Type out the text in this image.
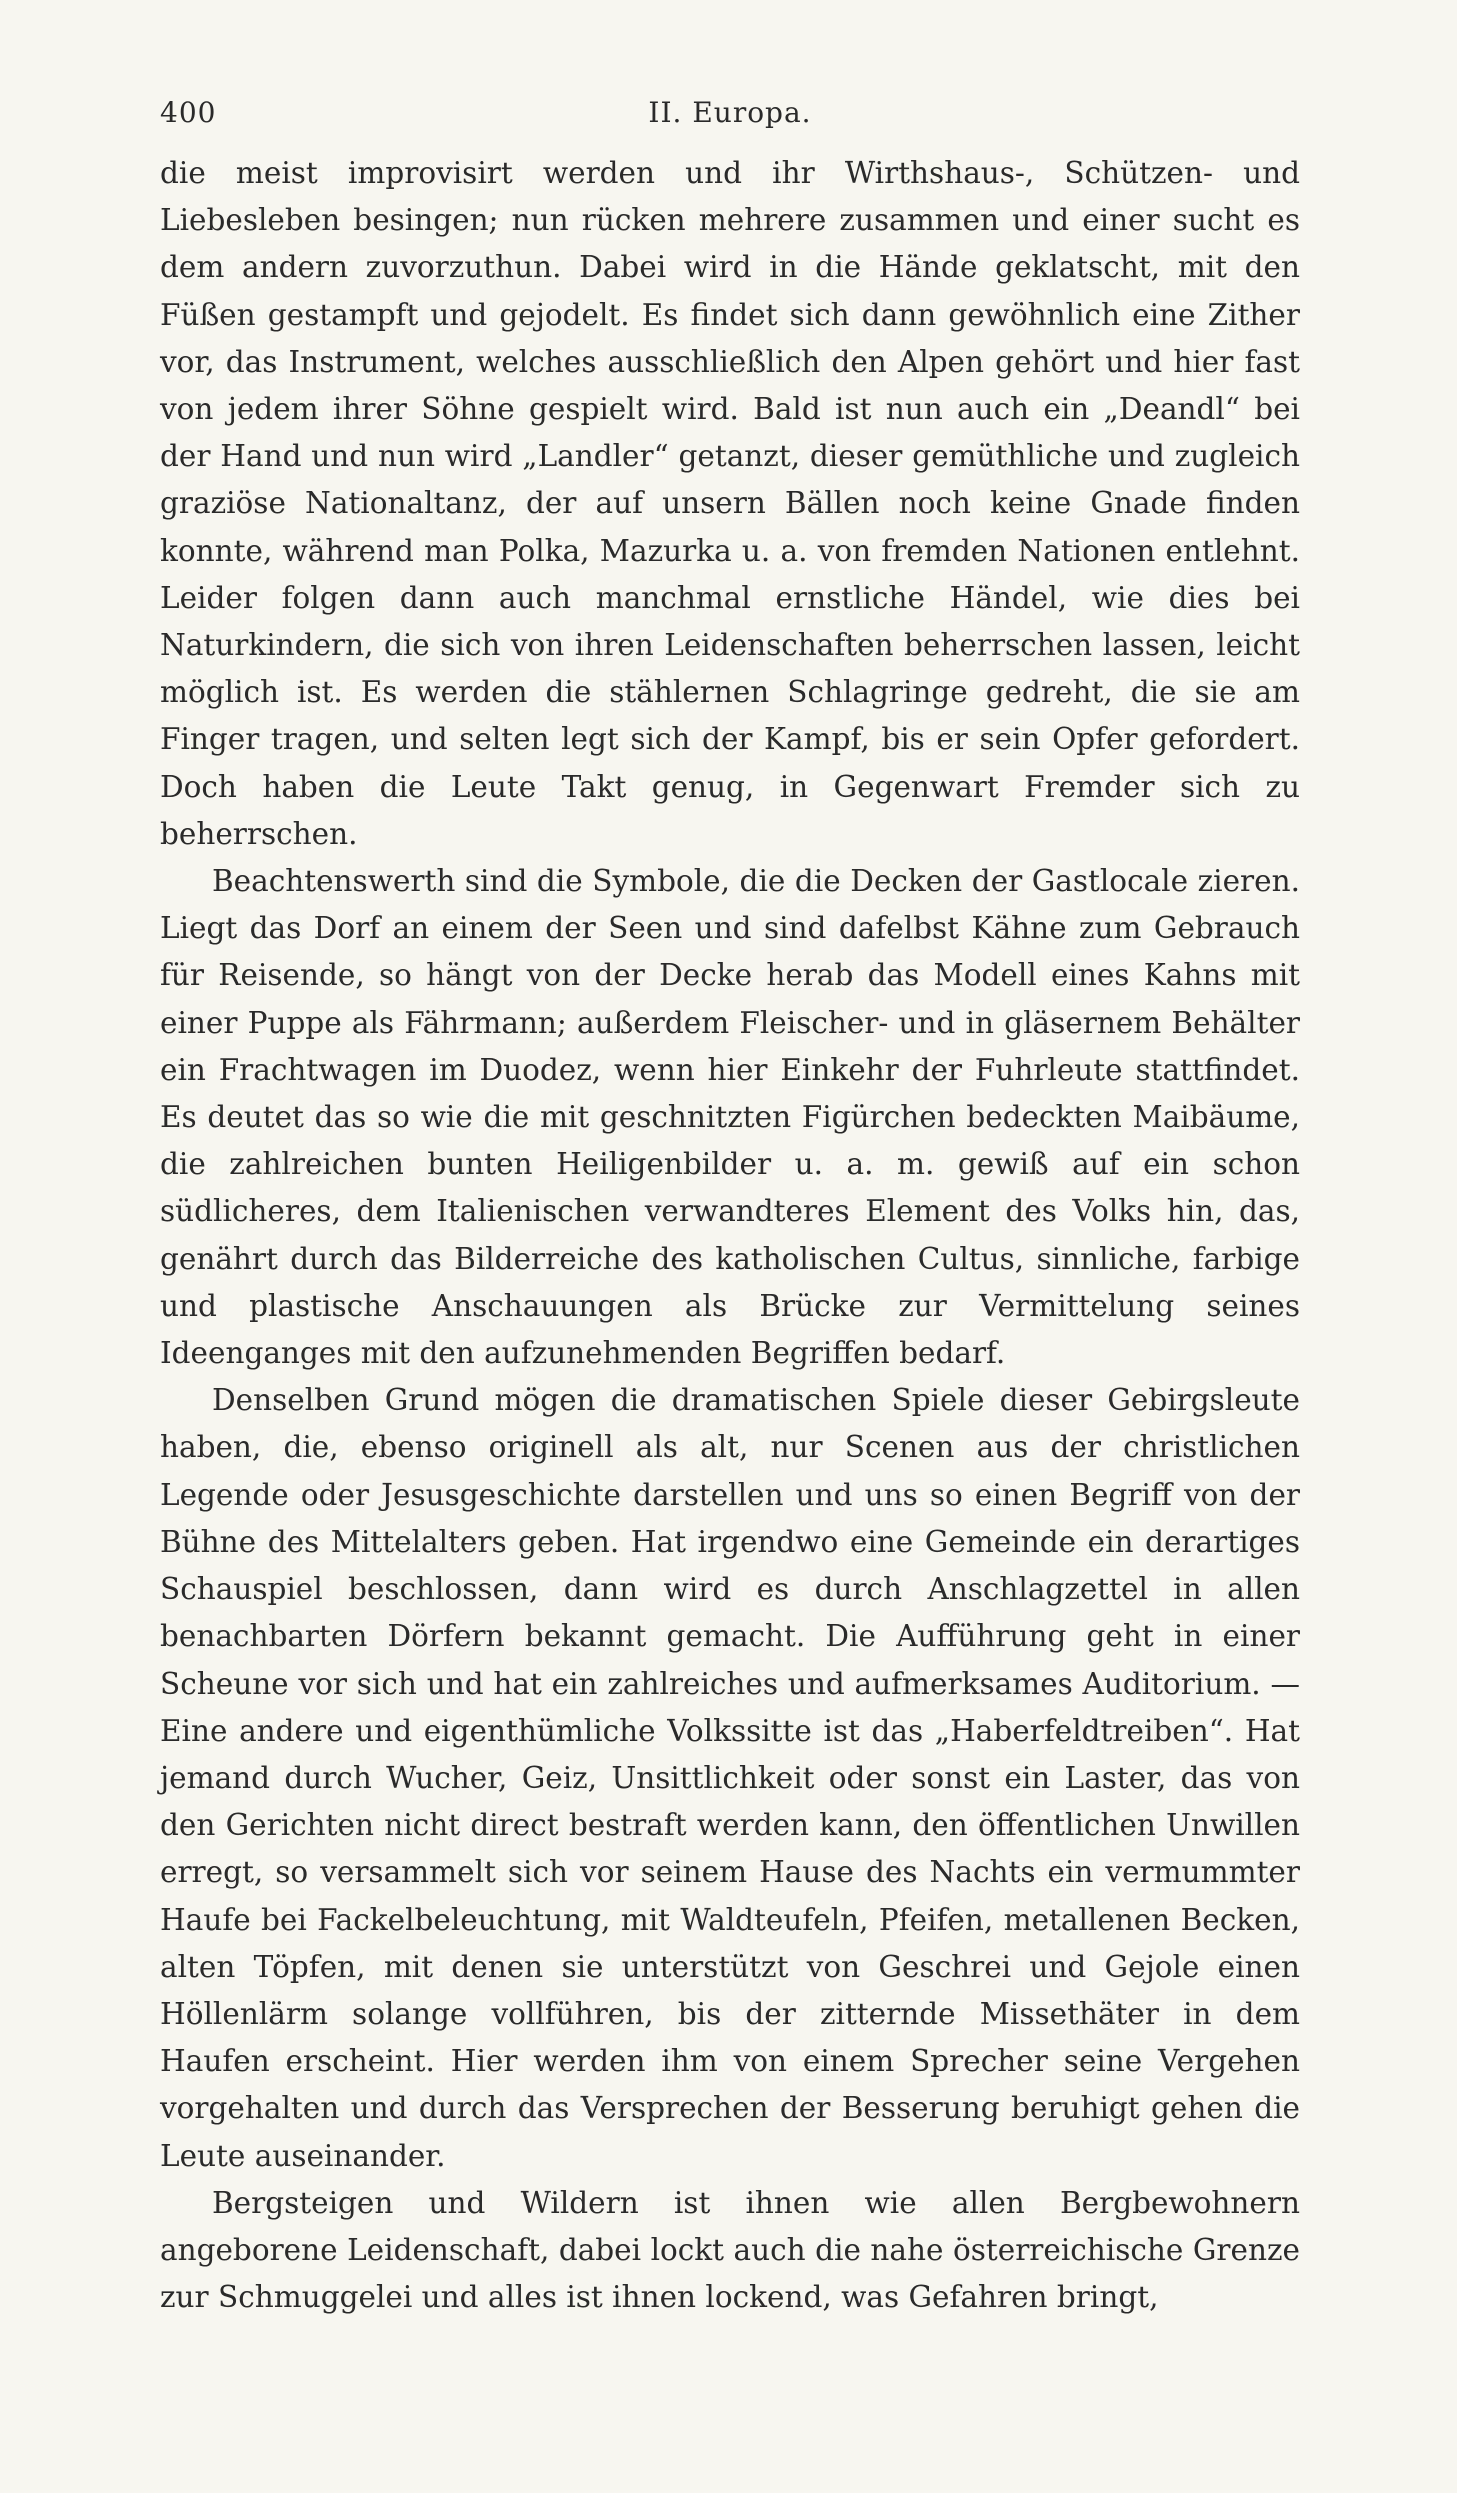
400	II. Europa.

die meist improvisirt werden und ihr Wirthshaus-, Schützen- und Liebesleben besingen; nun rücken mehrere zusammen und einer sucht es dem andern zuvorzuthun. Dabei wird in die Hände geklatscht, mit den Füßen gestampft und gejodelt. Es findet sich dann gewöhnlich eine Zither vor, das Instrument, welches ausschließlich den Alpen gehört und hier fast von jedem ihrer Söhne gespielt wird. Bald ist nun auch ein „Deandl“ bei der Hand und nun wird „Landler“ getanzt, dieser gemüthliche und zugleich graziöse Nationaltanz, der auf unsern Bällen noch keine Gnade finden konnte, während man Polka, Mazurka u. a. von fremden Nationen entlehnt. Leider folgen dann auch manchmal ernstliche Händel, wie dies bei Naturkindern, die sich von ihren Leidenschaften beherrschen lassen, leicht möglich ist. Es werden die stählernen Schlagringe gedreht, die sie am Finger tragen, und selten legt sich der Kampf, bis er sein Opfer gefordert. Doch haben die Leute Takt genug, in Gegenwart Fremder sich zu beherrschen.

Beachtenswerth sind die Symbole, die die Decken der Gastlocale zieren. Liegt das Dorf an einem der Seen und sind dafelbst Kähne zum Gebrauch für Reisende, so hängt von der Decke herab das Modell eines Kahns mit einer Puppe als Fährmann; außerdem Fleischer- und in gläsernem Behälter ein Frachtwagen im Duodez, wenn hier Einkehr der Fuhrleute stattfindet. Es deutet das so wie die mit geschnitzten Figürchen bedeckten Maibäume, die zahlreichen bunten Heiligenbilder u. a. m. gewiß auf ein schon südlicheres, dem Italienischen verwandteres Element des Volks hin, das, genährt durch das Bilderreiche des katholischen Cultus, sinnliche, farbige und plastische Anschauungen als Brücke zur Vermittelung seines Ideenganges mit den aufzunehmenden Begriffen bedarf.

Denselben Grund mögen die dramatischen Spiele dieser Gebirgsleute haben, die, ebenso originell als alt, nur Scenen aus der christlichen Legende oder Jesusgeschichte darstellen und uns so einen Begriff von der Bühne des Mittelalters geben. Hat irgendwo eine Gemeinde ein derartiges Schauspiel beschlossen, dann wird es durch Anschlagzettel in allen benachbarten Dörfern bekannt gemacht. Die Aufführung geht in einer Scheune vor sich und hat ein zahlreiches und aufmerksames Auditorium. — Eine andere und eigenthümliche Volkssitte ist das „Haberfeldtreiben“. Hat jemand durch Wucher, Geiz, Unsittlichkeit oder sonst ein Laster, das von den Gerichten nicht direct bestraft werden kann, den öffentlichen Unwillen erregt, so versammelt sich vor seinem Hause des Nachts ein vermummter Haufe bei Fackelbeleuchtung, mit Waldteufeln, Pfeifen, metallenen Becken, alten Töpfen, mit denen sie unterstützt von Geschrei und Gejole einen Höllenlärm solange vollführen, bis der zitternde Missethäter in dem Haufen erscheint. Hier werden ihm von einem Sprecher seine Vergehen vorgehalten und durch das Versprechen der Besserung beruhigt gehen die Leute auseinander.

Bergsteigen und Wildern ist ihnen wie allen Bergbewohnern angeborene Leidenschaft, dabei lockt auch die nahe österreichische Grenze zur Schmuggelei und alles ist ihnen lockend, was Gefahren bringt,
